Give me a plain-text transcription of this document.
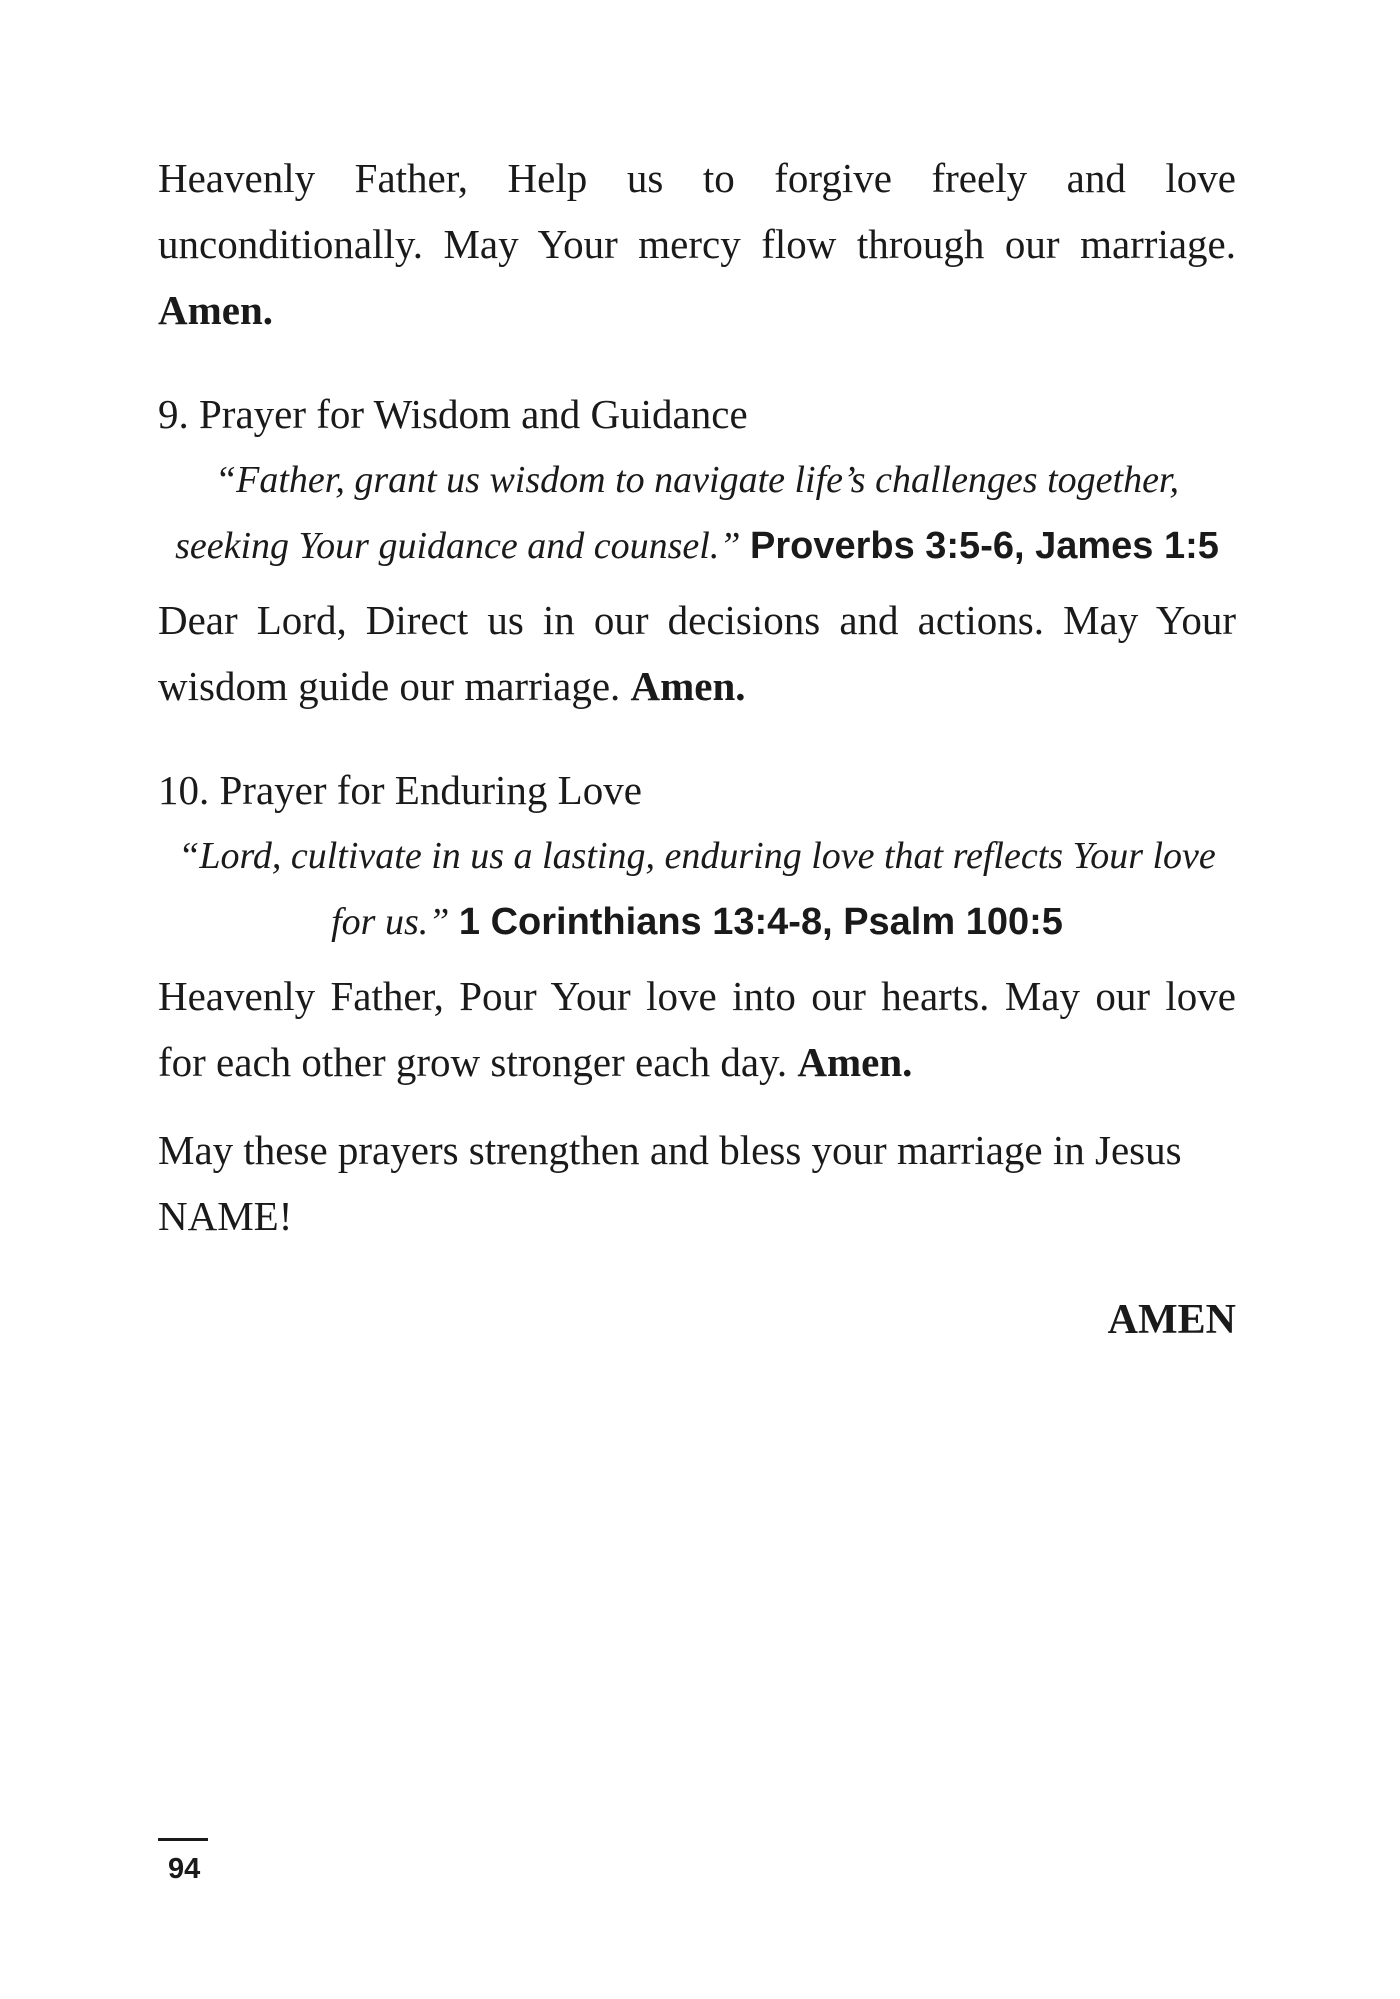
Heavenly Father, Help us to forgive freely and love unconditionally. May Your mercy flow through our marriage. Amen.

9. Prayer for Wisdom and Guidance

“Father, grant us wisdom to navigate life’s challenges together, seeking Your guidance and counsel.” Proverbs 3:5-6, James 1:5

Dear Lord, Direct us in our decisions and actions. May Your wisdom guide our marriage. Amen.

10. Prayer for Enduring Love

“Lord, cultivate in us a lasting, enduring love that reflects Your love for us.” 1 Corinthians 13:4-8, Psalm 100:5

Heavenly Father, Pour Your love into our hearts. May our love for each other grow stronger each day. Amen.

May these prayers strengthen and bless your marriage in Jesus NAME!

AMEN

94
